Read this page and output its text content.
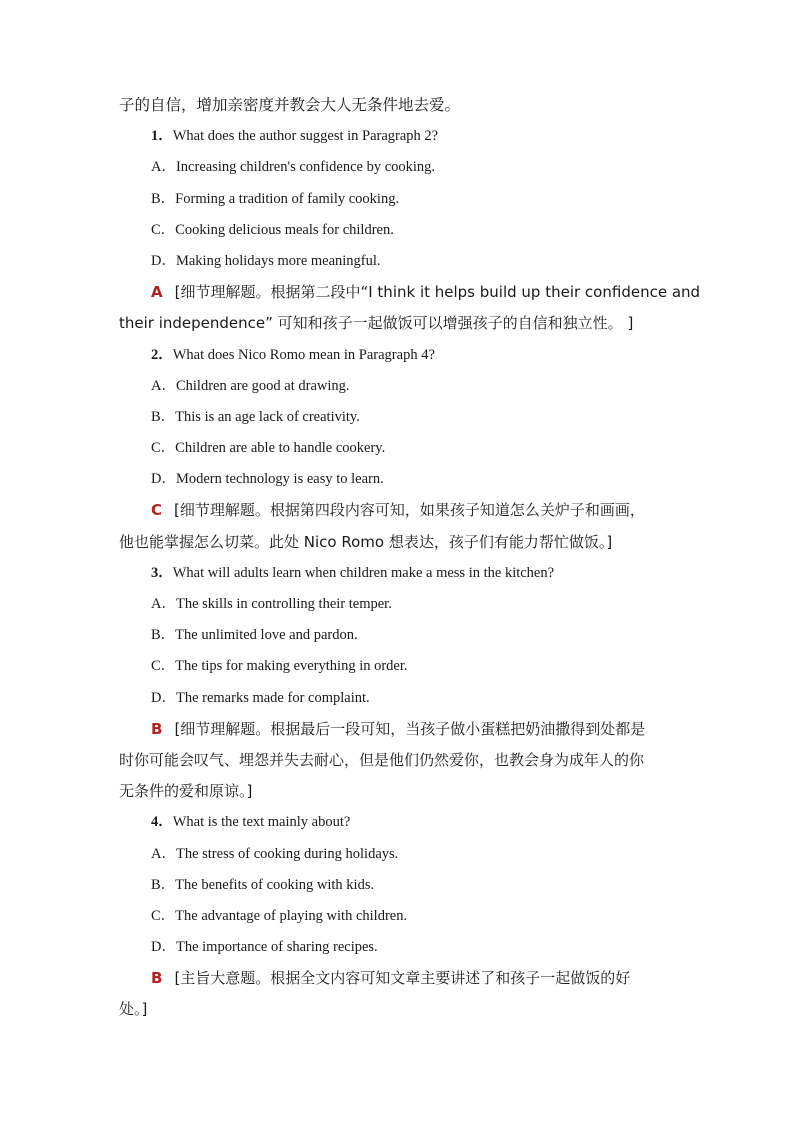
子的自信，增加亲密度并教会大人无条件地去爱。
1．What does the author suggest in Paragraph 2?
A．Increasing children's confidence by cooking.
B．Forming a tradition of family cooking.
C．Cooking delicious meals for children.
D．Making holidays more meaningful.
A [细节理解题。根据第二段中“I think it helps build up their confidence and
their independence” 可知和孩子一起做饭可以增强孩子的自信和独立性。 ]
2．What does Nico Romo mean in Paragraph 4?
A．Children are good at drawing.
B．This is an age lack of creativity.
C．Children are able to handle cookery.
D．Modern technology is easy to learn.
C [细节理解题。根据第四段内容可知，如果孩子知道怎么关炉子和画画，
他也能掌握怎么切菜。此处 Nico Romo 想表达，孩子们有能力帮忙做饭。]
3．What will adults learn when children make a mess in the kitchen?
A．The skills in controlling their temper.
B．The unlimited love and pardon.
C．The tips for making everything in order.
D．The remarks made for complaint.
B [细节理解题。根据最后一段可知，当孩子做小蛋糕把奶油撒得到处都是
时你可能会叹气、埋怨并失去耐心，但是他们仍然爱你，也教会身为成年人的你
无条件的爱和原谅。]
4．What is the text mainly about?
A．The stress of cooking during holidays.
B．The benefits of cooking with kids.
C．The advantage of playing with children.
D．The importance of sharing recipes.
B [主旨大意题。根据全文内容可知文章主要讲述了和孩子一起做饭的好
处。]
